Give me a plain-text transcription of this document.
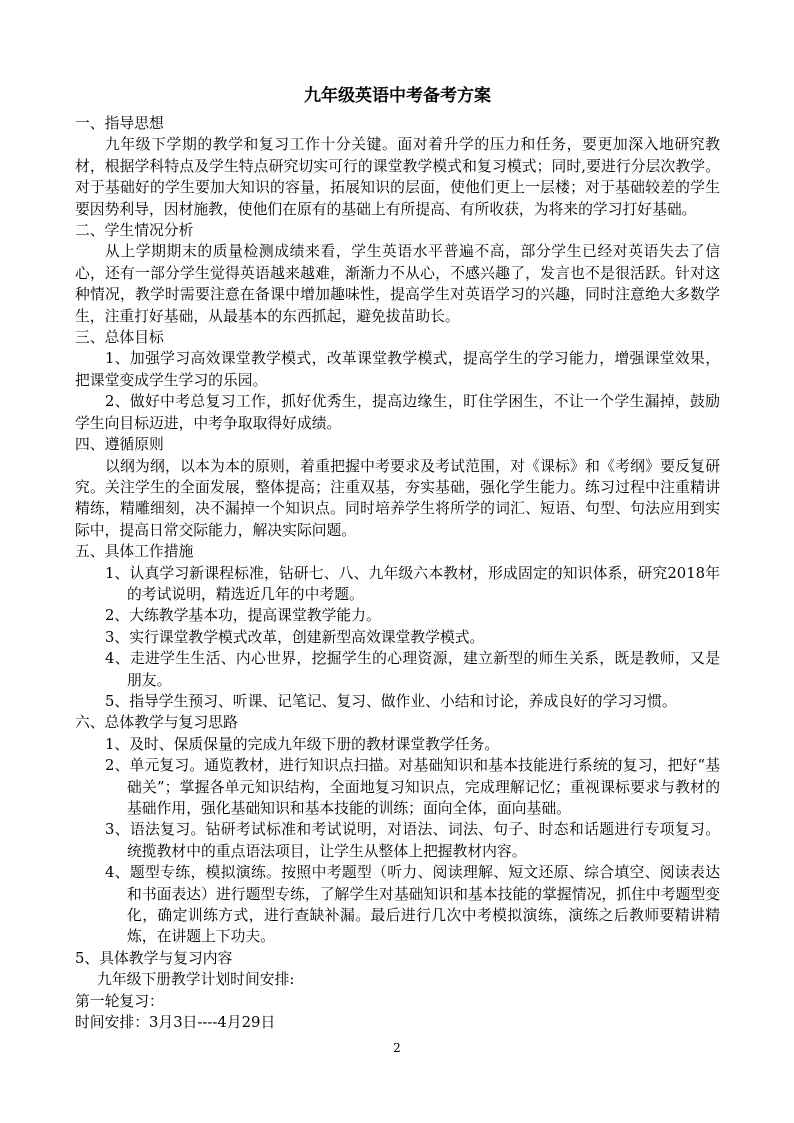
九年级英语中考备考方案

一、指导思想

九年级下学期的教学和复习工作十分关键。面对着升学的压力和任务，要更加深入地研究教材，根据学科特点及学生特点研究切实可行的课堂教学模式和复习模式；同时,要进行分层次教学。对于基础好的学生要加大知识的容量，拓展知识的层面，使他们更上一层楼；对于基础较差的学生要因势利导，因材施教，使他们在原有的基础上有所提高、有所收获，为将来的学习打好基础。

二、学生情况分析

从上学期期末的质量检测成绩来看，学生英语水平普遍不高，部分学生已经对英语失去了信心，还有一部分学生觉得英语越来越难，渐渐力不从心，不感兴趣了，发言也不是很活跃。针对这种情况，教学时需要注意在备课中增加趣味性，提高学生对英语学习的兴趣，同时注意绝大多数学生，注重打好基础，从最基本的东西抓起，避免拔苗助长。

三、总体目标

1、加强学习高效课堂教学模式，改革课堂教学模式，提高学生的学习能力，增强课堂效果，把课堂变成学生学习的乐园。

2、做好中考总复习工作，抓好优秀生，提高边缘生，盯住学困生，不让一个学生漏掉，鼓励学生向目标迈进，中考争取取得好成绩。

四、遵循原则

以纲为纲，以本为本的原则，着重把握中考要求及考试范围，对《课标》和《考纲》要反复研究。关注学生的全面发展，整体提高；注重双基，夯实基础，强化学生能力。练习过程中注重精讲精练，精雕细刻，决不漏掉一个知识点。同时培养学生将所学的词汇、短语、句型、句法应用到实际中，提高日常交际能力，解决实际问题。

五、具体工作措施

1、认真学习新课程标准，钻研七、八、九年级六本教材，形成固定的知识体系，研究2018年的考试说明，精选近几年的中考题。

2、大练教学基本功，提高课堂教学能力。

3、实行课堂教学模式改革，创建新型高效课堂教学模式。

4、走进学生生活、内心世界，挖掘学生的心理资源，建立新型的师生关系，既是教师，又是朋友。

5、指导学生预习、听课、记笔记、复习、做作业、小结和讨论，养成良好的学习习惯。

六、总体教学与复习思路

1、及时、保质保量的完成九年级下册的教材课堂教学任务。

2、单元复习。通览教材，进行知识点扫描。对基础知识和基本技能进行系统的复习，把好“基础关”；掌握各单元知识结构，全面地复习知识点，完成理解记忆；重视课标要求与教材的基础作用，强化基础知识和基本技能的训练；面向全体，面向基础。

3、语法复习。钻研考试标准和考试说明，对语法、词法、句子、时态和话题进行专项复习。统揽教材中的重点语法项目，让学生从整体上把握教材内容。

4、题型专练，模拟演练。按照中考题型（听力、阅读理解、短文还原、综合填空、阅读表达和书面表达）进行题型专练，了解学生对基础知识和基本技能的掌握情况，抓住中考题型变化，确定训练方式，进行查缺补漏。最后进行几次中考模拟演练，演练之后教师要精讲精炼，在讲题上下功夫。

5、具体教学与复习内容

九年级下册教学计划时间安排:

第一轮复习：

时间安排：3月3日----4月29日

2
